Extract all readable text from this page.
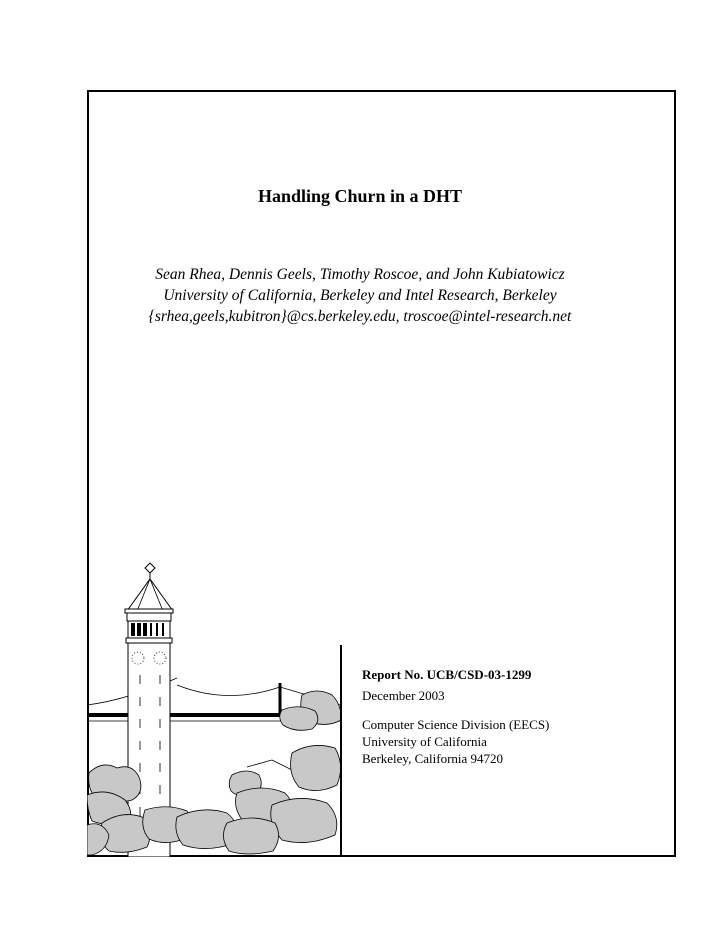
Handling Churn in a DHT
Sean Rhea, Dennis Geels, Timothy Roscoe, and John Kubiatowicz
University of California, Berkeley and Intel Research, Berkeley
{srhea,geels,kubitron}@cs.berkeley.edu, troscoe@intel-research.net
Report No. UCB/CSD-03-1299
December 2003
Computer Science Division (EECS)
University of California
Berkeley, California 94720
